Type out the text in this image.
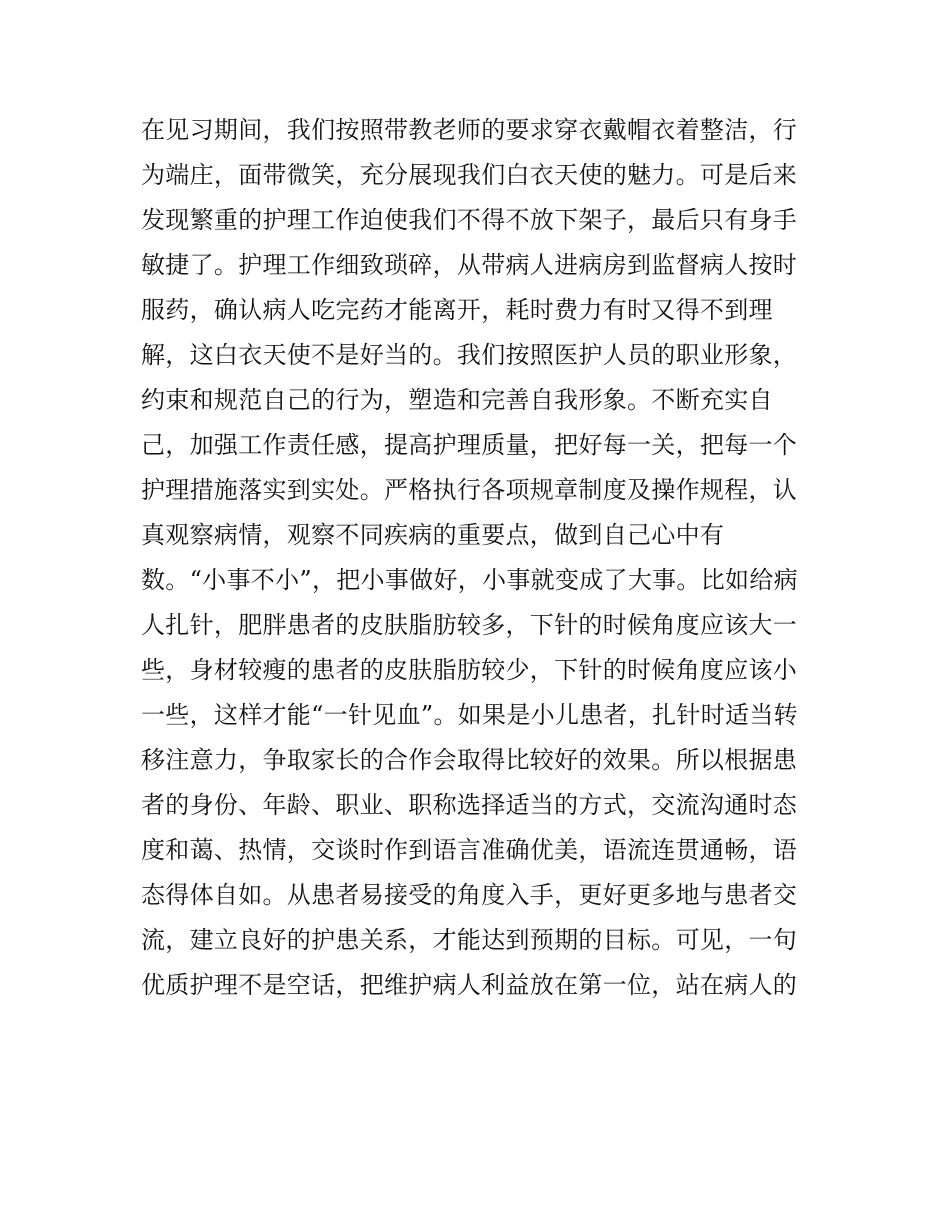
在见习期间，我们按照带教老师的要求穿衣戴帽衣着整洁，行
为端庄，面带微笑，充分展现我们白衣天使的魅力。可是后来
发现繁重的护理工作迫使我们不得不放下架子，最后只有身手
敏捷了。护理工作细致琐碎，从带病人进病房到监督病人按时
服药，确认病人吃完药才能离开，耗时费力有时又得不到理
解，这白衣天使不是好当的。我们按照医护人员的职业形象，
约束和规范自己的行为，塑造和完善自我形象。不断充实自
己，加强工作责任感，提高护理质量，把好每一关，把每一个
护理措施落实到实处。严格执行各项规章制度及操作规程，认
真观察病情，观察不同疾病的重要点，做到自己心中有
数。“小事不小”，把小事做好，小事就变成了大事。比如给病
人扎针，肥胖患者的皮肤脂肪较多，下针的时候角度应该大一
些，身材较瘦的患者的皮肤脂肪较少，下针的时候角度应该小
一些，这样才能“一针见血”。如果是小儿患者，扎针时适当转
移注意力，争取家长的合作会取得比较好的效果。所以根据患
者的身份、年龄、职业、职称选择适当的方式，交流沟通时态
度和蔼、热情，交谈时作到语言准确优美，语流连贯通畅，语
态得体自如。从患者易接受的角度入手，更好更多地与患者交
流，建立良好的护患关系，才能达到预期的目标。可见，一句
优质护理不是空话，把维护病人利益放在第一位，站在病人的
